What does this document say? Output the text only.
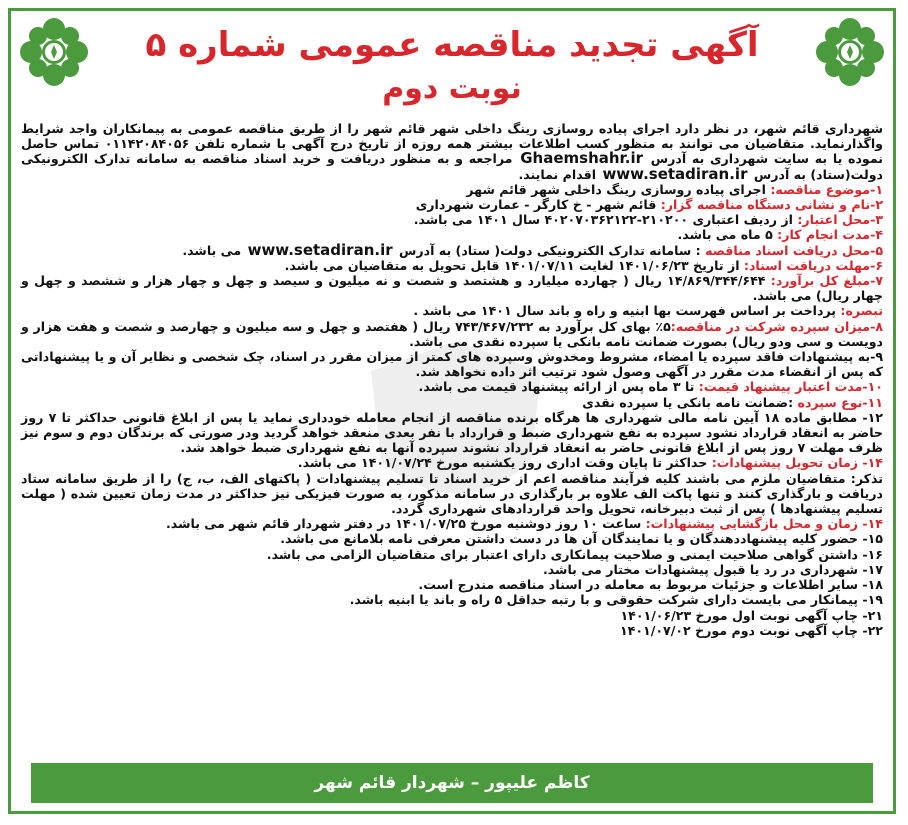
آگهی تجدید مناقصه عمومی شماره ۵
نوبت دوم

شهرداری قائم شهر، در نظر دارد اجرای پیاده روسازی رینگ داخلی شهر قائم شهر را از طریق مناقصه عمومی به پیمانکاران واجد شرایط واگذارنماید. متقاضیان می توانند به منظور کسب اطلاعات بیشتر همه روزه از تاریخ درج آگهی با شماره تلفن ۰۱۱۴۲۰۸۴۰۵۶ تماس حاصل نموده یا به سایت شهرداری به آدرس Ghaemshahr.ir مراجعه و به منظور دریافت و خرید اسناد مناقصه به سامانه تدارک الکترونیکی دولت(ستاد) به آدرس www.setadiran.ir اقدام نمایند.

۱-موضوع مناقصه: اجرای پیاده روسازی رینگ داخلی شهر قائم شهر

۲-نام و نشانی دستگاه مناقصه گزار: قائم شهر - خ کارگر - عمارت شهرداری

۳-محل اعتبار: از ردیف اعتباری ۲۱۰۲۰۰-۴۰۲۰۷۰۳۶۲۱۲۲ سال ۱۴۰۱ می باشد.

۴-مدت انجام کار: ۵ ماه می باشد.

۵-محل دریافت اسناد مناقصه : سامانه تدارک الکترونیکی دولت( ستاد) به آدرس www.setadiran.ir می باشد.

۶-مهلت دریافت اسناد: از تاریخ ۱۴۰۱/۰۶/۲۳ لغایت ۱۴۰۱/۰۷/۱۱ قابل تحویل به متقاضیان می باشد.

۷-مبلغ کل برآورد: ۱۴/۸۶۹/۳۴۴/۶۴۴ ریال ( چهارده میلیارد و هشتصد و شصت و نه میلیون و سیصد و چهل و چهار هزار و ششصد و چهل و چهار ریال) می باشد.

تبصره: پرداخت بر اساس فهرست بها ابنیه و راه و باند سال ۱۴۰۱ می باشد .

۸-میزان سپرده شرکت در مناقصه:۵٪ بهای کل برآورد به ۷۴۳/۴۶۷/۲۳۲ ریال ( هفتصد و چهل و سه میلیون و چهارصد و شصت و هفت هزار و دویست و سی ودو ریال) بصورت ضمانت نامه بانکی یا سپرده نقدی می باشد.

۹-به پیشنهادات فاقد سپرده یا امضاء، مشروط ومخدوش وسپرده های کمتر از میزان مقرر در اسناد، چک شخصی و نظایر آن و یا پیشنهاداتی که پس از انقضاء مدت مقرر در آگهی وصول شود ترتیب اثر داده نخواهد شد.

۱۰-مدت اعتبار پیشنهاد قیمت: تا ۳ ماه پس از ارائه پیشنهاد قیمت می باشد.

۱۱-نوع سپرده :ضمانت نامه بانکی یا سپرده نقدی

۱۲- مطابق ماده ۱۸ آیین نامه مالی شهرداری ها هرگاه برنده مناقصه از انجام معامله خودداری نماید یا پس از ابلاغ قانونی حداکثر تا ۷ روز حاضر به انعقاد قرارداد نشود سپرده به نفع شهرداری ضبط و قرارداد با نفر بعدی منعقد خواهد گردید ودر صورتی که برندگان دوم و سوم نیز ظرف مهلت ۷ روز پس از ابلاغ قانونی حاضر به انعقاد قرارداد نشوند سپرده آنها به نفع شهرداری ضبط خواهد شد.

۱۴- زمان تحویل پیشنهادات: حداکثر تا پایان وقت اداری روز یکشنبه مورخ ۱۴۰۱/۰۷/۲۴ می باشد.

تذکر: متقاضیان ملزم می باشند کلیه فرآیند مناقصه اعم از خرید اسناد تا تسلیم پیشنهادات ( پاکتهای الف، ب، ج) را از طریق سامانه ستاد دریافت و بارگذاری کنند و تنها پاکت الف علاوه بر بارگذاری در سامانه مذکور، به صورت فیزیکی نیز حداکثر در مدت زمان تعیین شده ( مهلت تسلیم پیشنهادها ) پس از ثبت دبیرخانه، تحویل واحد قراردادهای شهرداری گردد.

۱۴- زمان و محل بازگشایی پیشنهادات: ساعت ۱۰ روز دوشنبه مورخ ۱۴۰۱/۰۷/۲۵ در دفتر شهردار قائم شهر می باشد.

۱۵- حضور کلیه پیشنهاددهندگان و یا نمایندگان آن ها در دست داشتن معرفی نامه بلامانع می باشد.

۱۶- داشتن گواهی صلاحیت ایمنی و صلاحیت پیمانکاری دارای اعتبار برای متقاضیان الزامی می باشد.

۱۷- شهرداری در رد یا قبول پیشنهادات مختار می باشد.

۱۸- سایر اطلاعات و جزئیات مربوط به معامله در اسناد مناقصه مندرج است.

۱۹- پیمانکار می بایست دارای شرکت حقوقی و با رتبه حداقل ۵ راه و باند یا ابنیه باشد.

۲۱- چاپ آگهی نوبت اول مورخ ۱۴۰۱/۰۶/۲۳

۲۲- چاپ آگهی نوبت دوم مورخ ۱۴۰۱/۰۷/۰۲

کاظم علیپور – شهردار قائم شهر
